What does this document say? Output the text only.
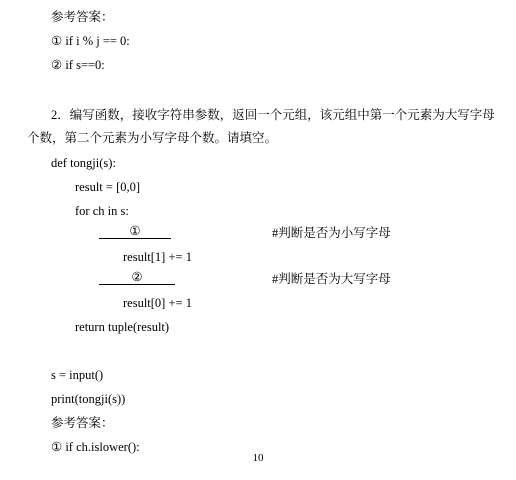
参考答案：
① if i % j == 0:
② if s==0:
2．编写函数，接收字符串参数，返回一个元组，该元组中第一个元素为大写字母
个数，第二个元素为小写字母个数。请填空。
def tongji(s):
result = [0,0]
for ch in s:
①	#判断是否为小写字母
result[1] += 1
②	#判断是否为大写字母
result[0] += 1
return tuple(result)
s = input()
print(tongji(s))
参考答案：
① if ch.islower():
10
